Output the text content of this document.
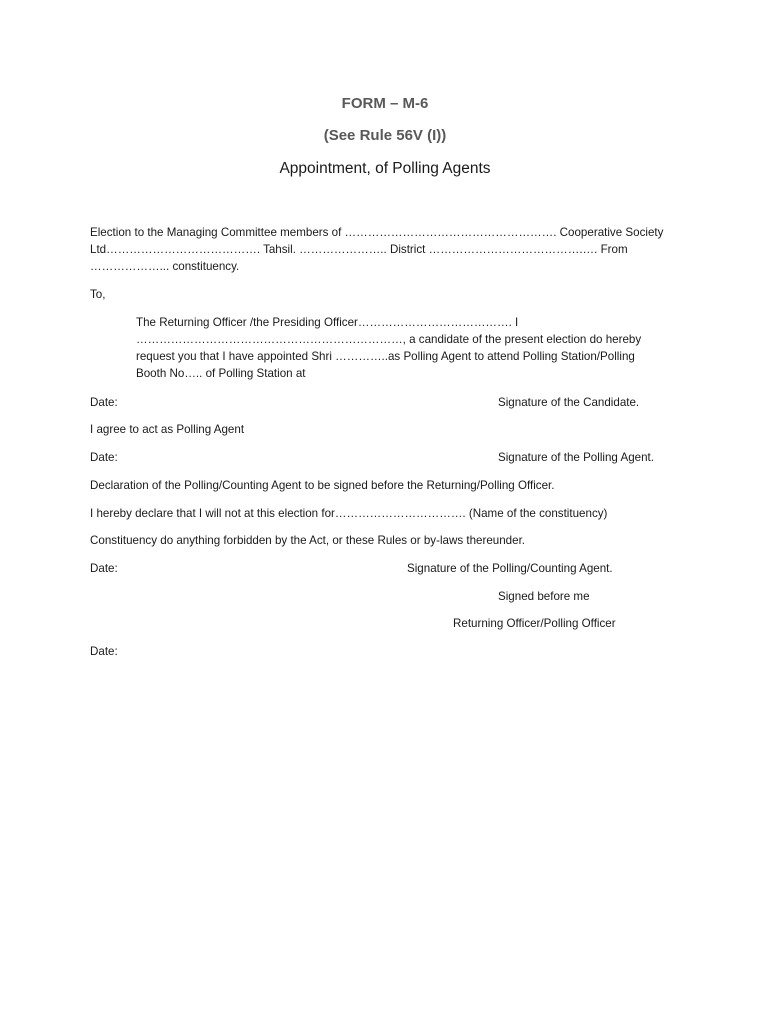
FORM – M-6
(See Rule 56V (I))
Appointment, of Polling Agents
Election to the Managing Committee members of ………………………………………………. Cooperative Society
Ltd…………………………………. Tahsil. ………………….. District ………………………………….…. From
………………... constituency.
To,
The Returning Officer /the Presiding Officer…………………………………. I
……………………………………………………………, a candidate of the present election do hereby
request you that I have appointed Shri …………..as Polling Agent to attend Polling Station/Polling
Booth No….. of Polling Station at
Date:	Signature of the Candidate.
I agree to act as Polling Agent
Date:	Signature of the Polling Agent.
Declaration of the Polling/Counting Agent to be signed before the Returning/Polling Officer.
I hereby declare that I will not at this election for……………………………. (Name of the constituency)
Constituency do anything forbidden by the Act, or these Rules or by-laws thereunder.
Date:	Signature of the Polling/Counting Agent.
Signed before me
Returning Officer/Polling Officer
Date:
